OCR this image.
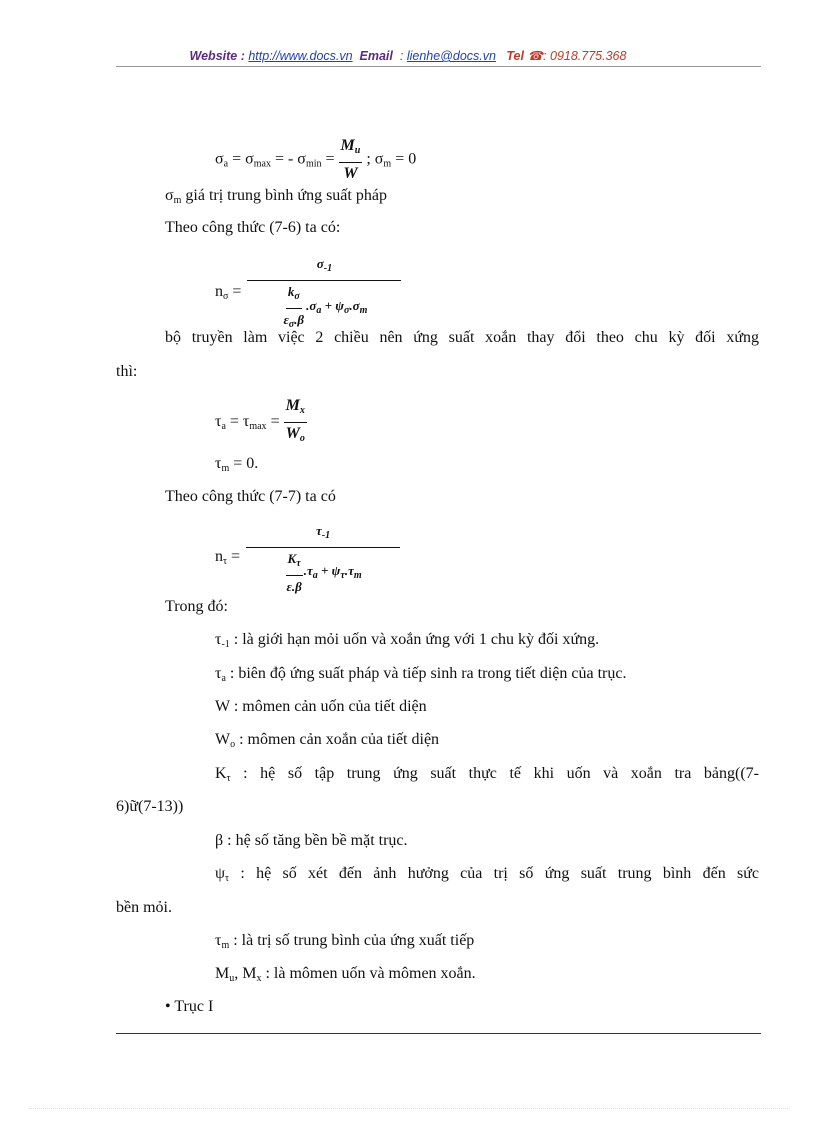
Website : http://www.docs.vn Email : lienhe@docs.vn Tel ☎: 0918.775.368
$\sigma_a = \sigma_{max}$ = - $\sigma_{min} = \frac{M_u}{W}$ ; $\sigma_m = 0$
$\sigma_m$ giá trị trung bình ứng suất pháp
Theo công thức (7-6) ta có:
$n_\sigma = \frac{\sigma_{-1}}{\frac{k_\sigma}{\varepsilon_\sigma.\beta} .\sigma_a + \psi_\sigma.\sigma_m}$
bộ truyền làm việc 2 chiều nên ứng suất xoắn thay đổi theo chu kỳ đối xứng
thì:
$\tau_a = \tau_{max} = \frac{M_x}{W_o}$
$\tau_m = 0$.
Theo công thức (7-7) ta có
$n_\tau = \frac{\tau_{-1}}{\frac{K_\tau}{\varepsilon.\beta} .\tau_a + \psi_\tau.\tau_m}$
Trong đó:
$\tau_{-1}$ : là giới hạn mỏi uốn và xoắn ứng với 1 chu kỳ đối xứng.
$\tau_a$ : biên độ ứng suất pháp và tiếp sinh ra trong tiết diện của trục.
W : mômen cản uốn của tiết diện
$W_o$ : mômen cản xoắn của tiết diện
$K_\tau$ : hệ số tập trung ứng suất thực tế khi uốn và xoắn tra bảng((7-
6)ữ(7-13))
β : hệ số tăng bền bề mặt trục.
$\psi_\tau$ : hệ số xét đến ảnh hưởng của trị số ứng suất trung bình đến sức
bền mỏi.
$\tau_m$ : là trị số trung bình của ứng xuất tiếp
$M_u$, $M_x$ : là mômen uốn và mômen xoắn.
• Trục I
